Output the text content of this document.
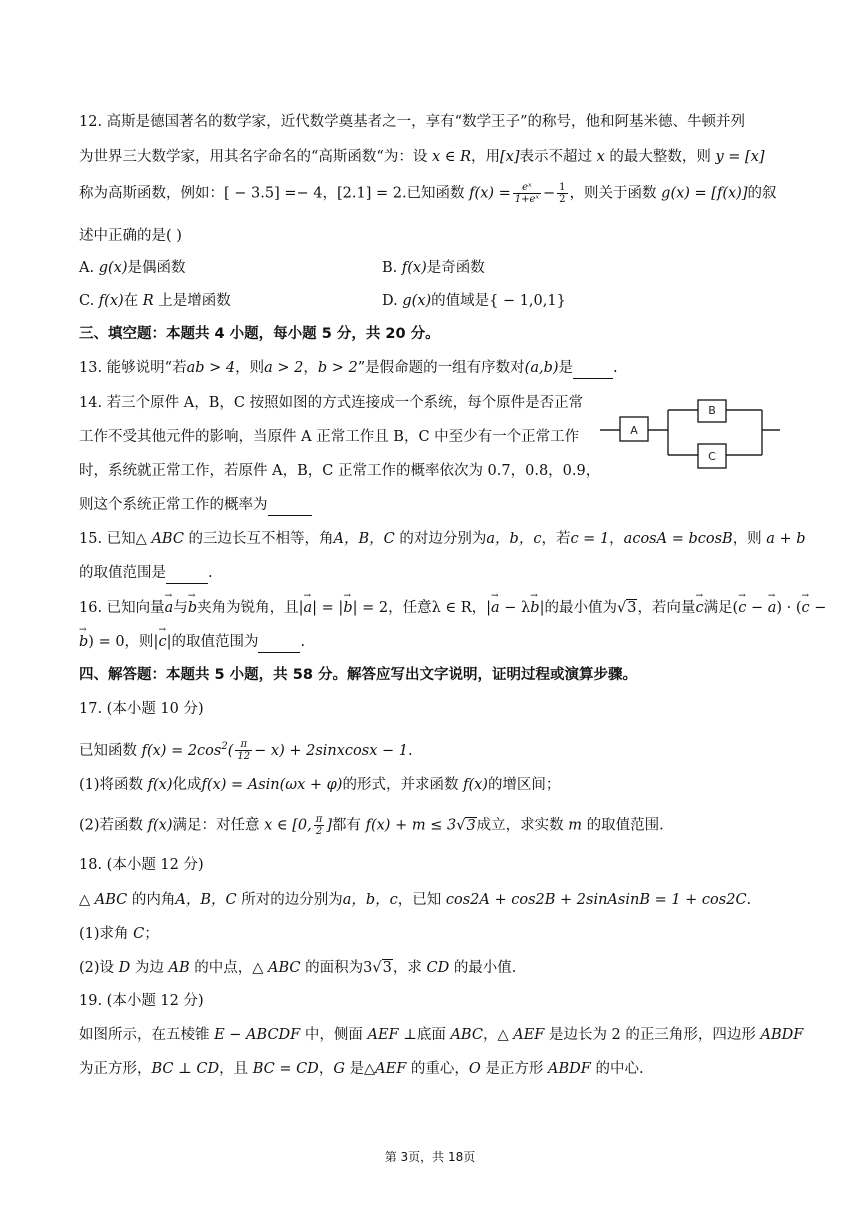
12. 高斯是德国著名的数学家，近代数学奠基者之一，享有“数学王子”的称号，他和阿基米德、牛顿并列
为世界三大数学家，用其名字命名的“高斯函数“为：设 x ∈ R，用[x]表示不超过 x 的最大整数，则 y = [x]
称为高斯函数，例如：[ − 3.5] =− 4，[2.1] = 2.已知函数 $f(x) = \frac{\text{eˣ}}{\text{1+eˣ}} - \frac{1}{2}$ ，则关于函数 g(x) = [f(x)]的叙
述中正确的是( )
A. g(x)是偶函数	B. f(x)是奇函数
C. f(x)在 R 上是增函数	D. g(x)的值域是{ − 1,0,1}
三、填空题：本题共 4 小题，每小题 5 分，共 20 分。
13. 能够说明“若ab > 4，则a > 2，b > 2”是假命题的一组有序数对(a,b)是	.
14. 若三个原件 A，B，C 按照如图的方式连接成一个系统，每个原件是否正常
工作不受其他元件的影响，当原件 A 正常工作且 B，C 中至少有一个正常工作
时，系统就正常工作，若原件 A，B，C 正常工作的概率依次为 0.7，0.8，0.9，
则这个系统正常工作的概率为
A
B
C
15. 已知△ ABC 的三边长互不相等，角A，B，C 的对边分别为a，b，c，若c = 1，acosA = bcosB，则 a + b
的取值范围是	.
16. 已知向量→ a与→ b夹角为锐角，且|→ a| = |→ b| = 2，任意λ ∈ R，|→ a − λ→ b|的最小值为√3，若向量→ c满足(→ c − → a) · (→ c −
→ b) = 0，则|→ c|的取值范围为	.
四、解答题：本题共 5 小题，共 58 分。解答应写出文字说明，证明过程或演算步骤。
17. (本小题 10 分)
已知函数 $f(x) = 2\cos^2( \frac{\pi}{12} - x)$ + 2sinxcosx − 1.
(1)将函数 f(x)化成f(x) = Asin(ωx + φ)的形式，并求函数 f(x)的增区间；
(2)若函数 f(x)满足：对任意 x ∈ [0, $\frac{\pi}{2}$ ]都有 f(x) + m ≤ 3√3成立，求实数 m 的取值范围.
18. (本小题 12 分)
△ ABC 的内角A，B，C 所对的边分别为a，b，c，已知 cos2A + cos2B + 2sinAsinB = 1 + cos2C.
(1)求角 C；
(2)设 D 为边 AB 的中点，△ ABC 的面积为3√3，求 CD 的最小值.
19. (本小题 12 分)
如图所示，在五棱锥 E − ABCDF 中，侧面 AEF ⊥底面 ABC，△ AEF 是边长为 2 的正三角形，四边形 ABDF
为正方形，BC ⊥ CD，且 BC = CD，G 是△AEF 的重心，O 是正方形 ABDF 的中心.
第 3页，共 18页
